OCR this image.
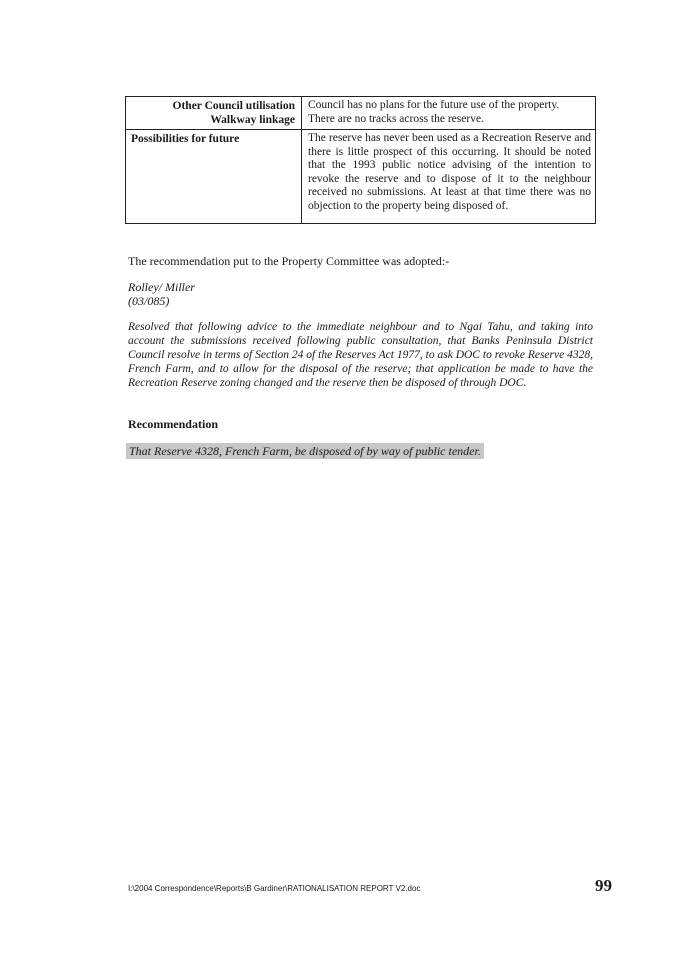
Other Council utilisation
Walkway linkage
Council has no plans for the future use of the property.
There are no tracks across the reserve.
Possibilities for future	The reserve has never been used as a Recreation Reserve and there is little prospect of this occurring. It should be noted that the 1993 public notice advising of the intention to revoke the reserve and to dispose of it to the neighbour received no submissions. At least at that time there was no objection to the property being disposed of.
The recommendation put to the Property Committee was adopted:-
Rolley/ Miller
(03/085)
Resolved that following advice to the immediate neighbour and to Ngai Tahu, and taking into account the submissions received following public consultation, that Banks Peninsula District Council resolve in terms of Section 24 of the Reserves Act 1977, to ask DOC to revoke Reserve 4328, French Farm, and to allow for the disposal of the reserve; that application be made to have the Recreation Reserve zoning changed and the reserve then be disposed of through DOC.
Recommendation
That Reserve 4328, French Farm, be disposed of by way of public tender.
I:\2004 Correspondence\Reports\B Gardiner\RATIONALISATION REPORT V2.doc	99
